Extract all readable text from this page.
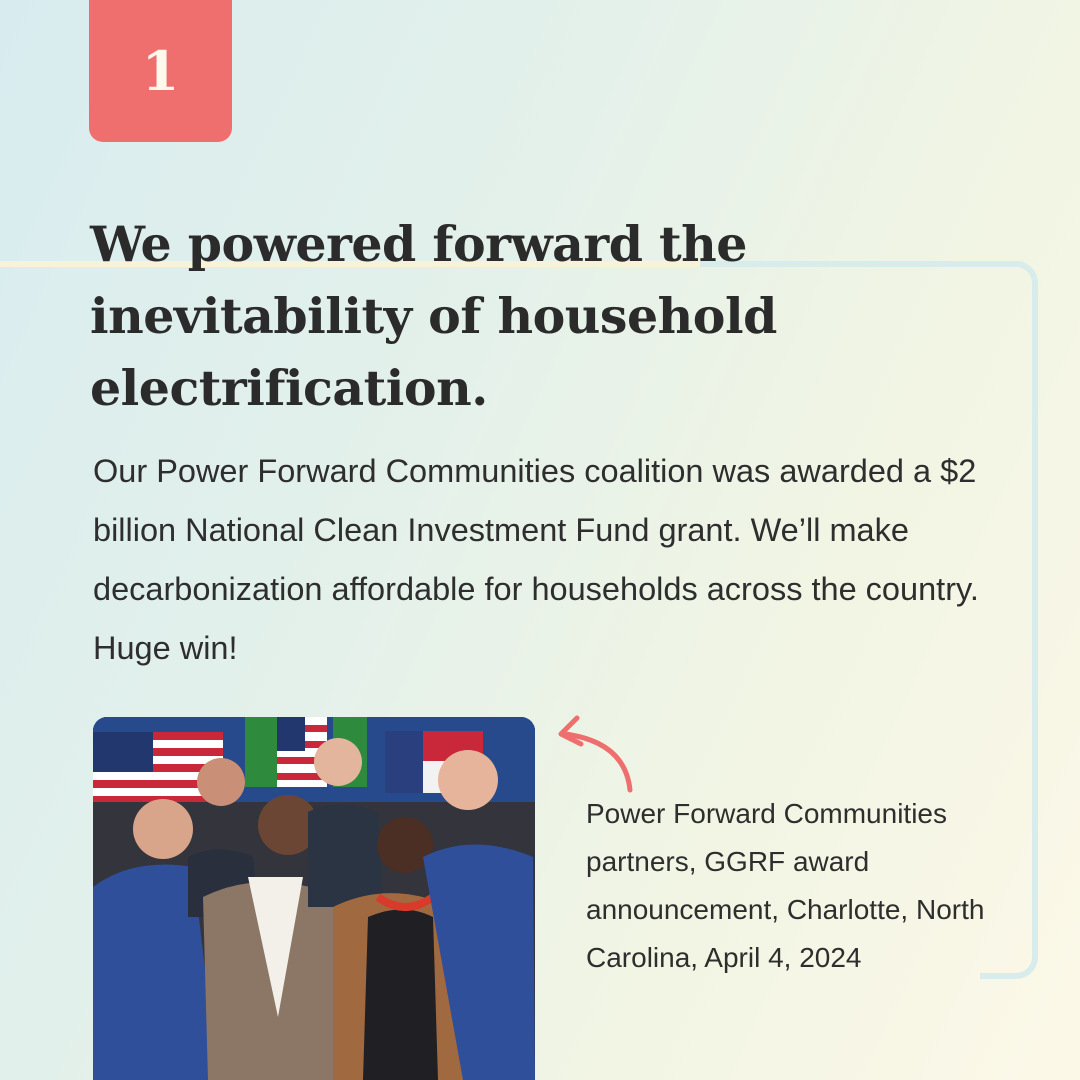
1
We powered forward the inevitability of household electrification.

Our Power Forward Communities coalition was awarded a $2 billion National Clean Investment Fund grant. We’ll make decarbonization affordable for households across the country. Huge win!

Power Forward Communities partners, GGRF award announcement, Charlotte, North Carolina, April 4, 2024
